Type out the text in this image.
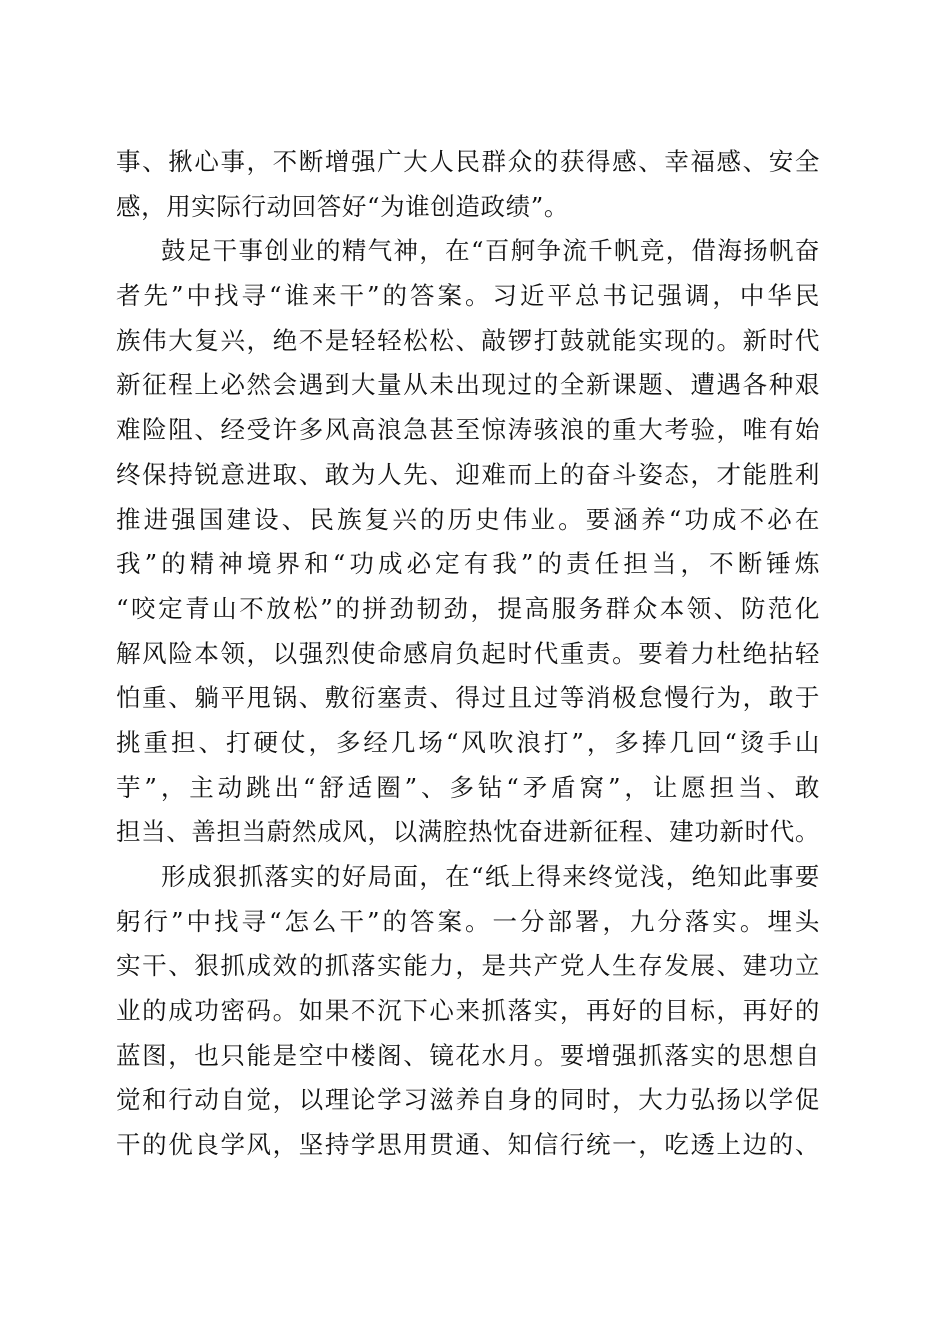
事、揪心事，不断增强广大人民群众的获得感、幸福感、安全
感，用实际行动回答好“为谁创造政绩”。
鼓足干事创业的精气神，在“百舸争流千帆竞，借海扬帆奋
者先”中找寻“谁来干”的答案。习近平总书记强调，中华民
族伟大复兴，绝不是轻轻松松、敲锣打鼓就能实现的。新时代
新征程上必然会遇到大量从未出现过的全新课题、遭遇各种艰
难险阻、经受许多风高浪急甚至惊涛骇浪的重大考验，唯有始
终保持锐意进取、敢为人先、迎难而上的奋斗姿态，才能胜利
推进强国建设、民族复兴的历史伟业。要涵养“功成不必在
我”的精神境界和“功成必定有我”的责任担当，不断锤炼
“咬定青山不放松”的拼劲韧劲，提高服务群众本领、防范化
解风险本领，以强烈使命感肩负起时代重责。要着力杜绝拈轻
怕重、躺平甩锅、敷衍塞责、得过且过等消极怠慢行为，敢于
挑重担、打硬仗，多经几场“风吹浪打”，多捧几回“烫手山
芋”，主动跳出“舒适圈”、多钻“矛盾窝”，让愿担当、敢
担当、善担当蔚然成风，以满腔热忱奋进新征程、建功新时代。
形成狠抓落实的好局面，在“纸上得来终觉浅，绝知此事要
躬行”中找寻“怎么干”的答案。一分部署，九分落实。埋头
实干、狠抓成效的抓落实能力，是共产党人生存发展、建功立
业的成功密码。如果不沉下心来抓落实，再好的目标，再好的
蓝图，也只能是空中楼阁、镜花水月。要增强抓落实的思想自
觉和行动自觉，以理论学习滋养自身的同时，大力弘扬以学促
干的优良学风，坚持学思用贯通、知信行统一，吃透上边的、
